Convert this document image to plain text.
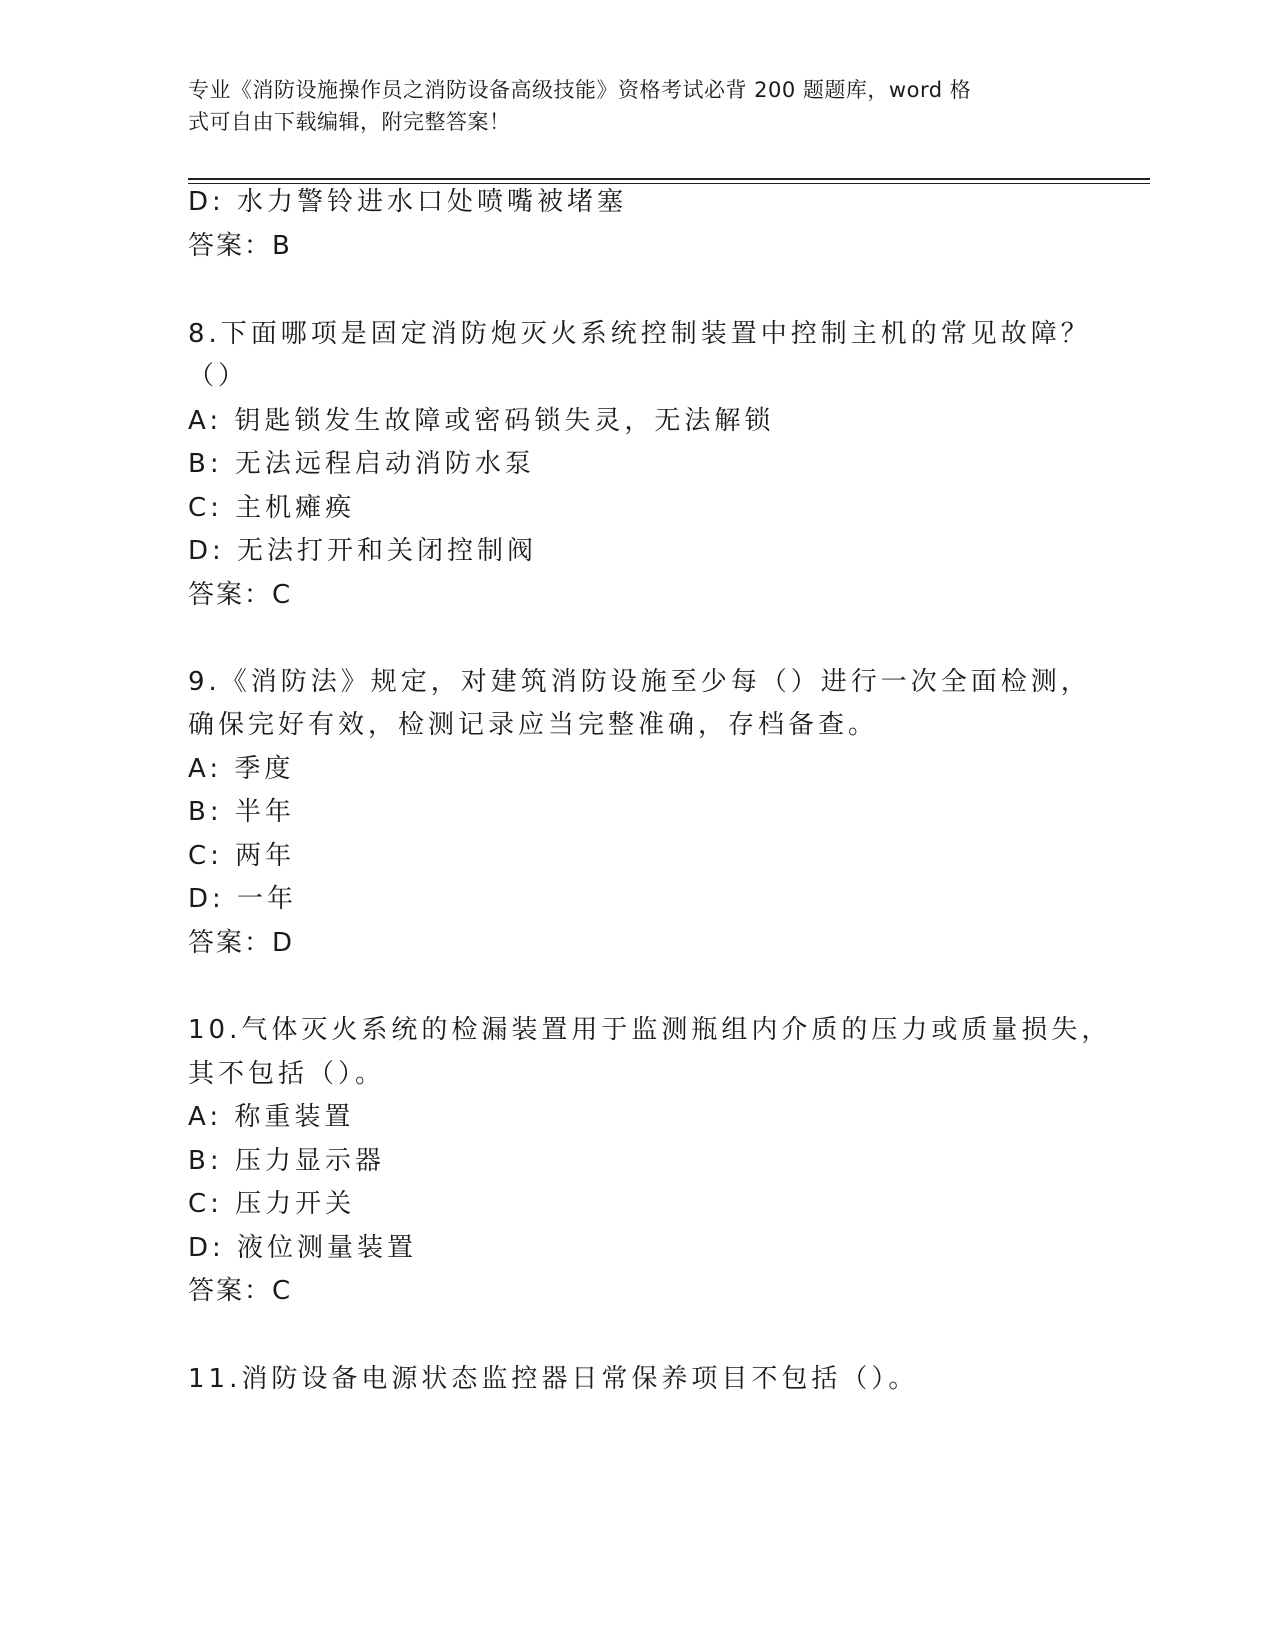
专业《消防设施操作员之消防设备高级技能》资格考试必背 200 题题库，word 格
式可自由下载编辑，附完整答案！
D: 水力警铃进水口处喷嘴被堵塞
答案：B
8.下面哪项是固定消防炮灭火系统控制装置中控制主机的常见故障？
（）
A: 钥匙锁发生故障或密码锁失灵，无法解锁
B: 无法远程启动消防水泵
C: 主机瘫痪
D: 无法打开和关闭控制阀
答案：C
9.《消防法》规定，对建筑消防设施至少每（）进行一次全面检测，
确保完好有效，检测记录应当完整准确，存档备查。
A: 季度
B: 半年
C: 两年
D: 一年
答案：D
10.气体灭火系统的检漏装置用于监测瓶组内介质的压力或质量损失，
其不包括（）。
A: 称重装置
B: 压力显示器
C: 压力开关
D: 液位测量装置
答案：C
11.消防设备电源状态监控器日常保养项目不包括（）。
